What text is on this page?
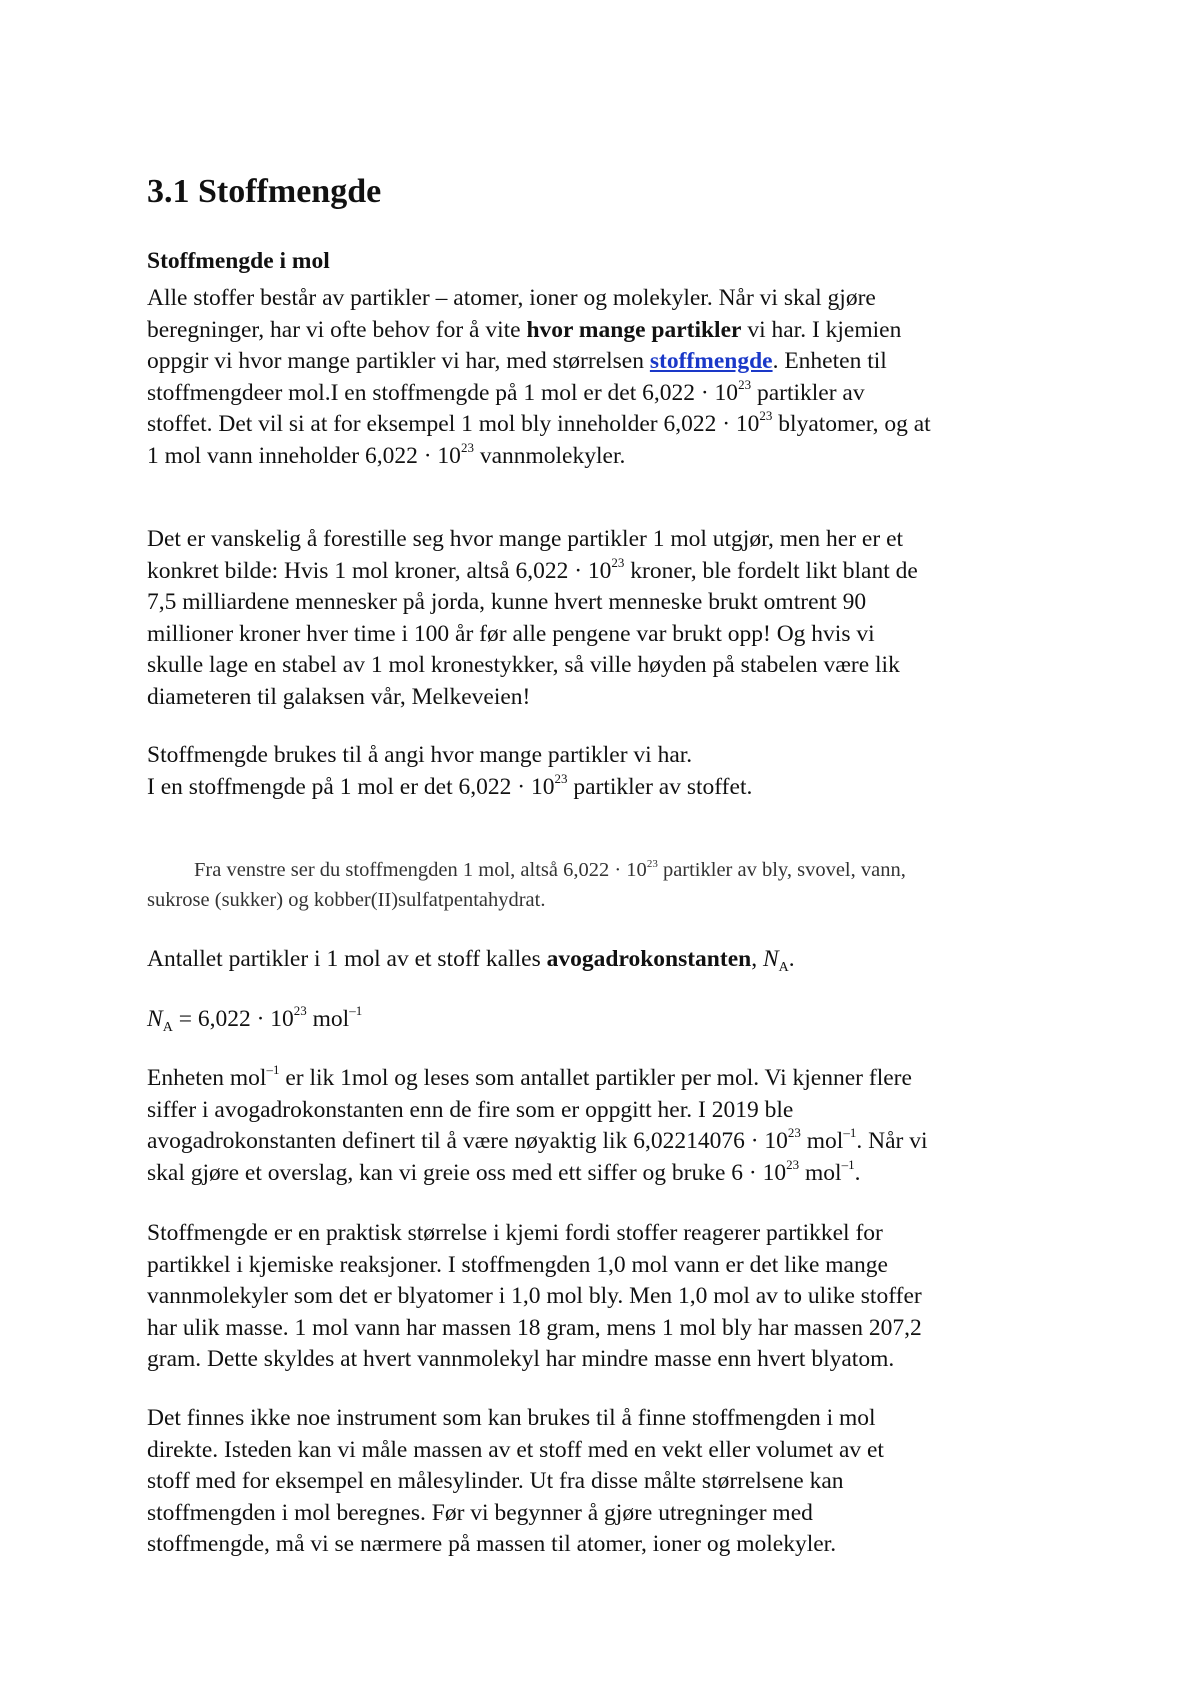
3.1 Stoffmengde
Stoffmengde i mol

Alle stoffer består av partikler – atomer, ioner og molekyler. Når vi skal gjøre
beregninger, har vi ofte behov for å vite hvor mange partikler vi har. I kjemien
oppgir vi hvor mange partikler vi har, med størrelsen stoffmengde. Enheten til
stoffmengdeer mol.I en stoffmengde på 1 mol er $\det 6,022 \cdot 10^{23}$ partikler av
stoffet. Det vil si at for eksempel 1 mol bly inneholder $6,022 \cdot 10^{23}$ blyatomer, og at
1 mol vann inneholder $6,022 \cdot 10^{23}$ vannmolekyler.

Det er vanskelig å forestille seg hvor mange partikler 1 mol utgjør, men her er et
konkret bilde: Hvis 1 mol kroner, altså $6,022 \cdot 10^{23}$ kroner, ble fordelt likt blant de
7,5 milliardene mennesker på jorda, kunne hvert menneske brukt omtrent 90
millioner kroner hver time i 100 år før alle pengene var brukt opp! Og hvis vi
skulle lage en stabel av 1 mol kronestykker, så ville høyden på stabelen være lik
diameteren til galaksen vår, Melkeveien!

Stoffmengde brukes til å angi hvor mange partikler vi har.
I en stoffmengde på 1 mol er $\det 6,022 \cdot 10^{23}$ partikler av stoffet.

Fra venstre ser du stoffmengden 1 mol, altså $6,022 \cdot 10^{23}$ partikler av bly, svovel, vann,
sukrose (sukker) og kobber(II)sulfatpentahydrat.

Antallet partikler i 1 mol av et stoff kalles avogadrokonstanten, $N_A$.

$N_A = 6,022 \cdot 10^{23}$ mol$^{-1}$

Enheten mol$^{-1}$ er lik 1mol og leses som antallet partikler per mol. Vi kjenner flere
siffer i avogadrokonstanten enn de fire som er oppgitt her. I 2019 ble
avogadrokonstanten definert til å være nøyaktig lik $6,02214076 \cdot 10^{23}$ mol$^{-1}$. Når vi
skal gjøre et overslag, kan vi greie oss med ett siffer og bruke $6 \cdot 10^{23}$ mol$^{-1}$.

Stoffmengde er en praktisk størrelse i kjemi fordi stoffer reagerer partikkel for
partikkel i kjemiske reaksjoner. I stoffmengden 1,0 mol vann er det like mange
vannmolekyler som det er blyatomer i 1,0 mol bly. Men 1,0 mol av to ulike stoffer
har ulik masse. 1 mol vann har massen 18 gram, mens 1 mol bly har massen 207,2
gram. Dette skyldes at hvert vannmolekyl har mindre masse enn hvert blyatom.

Det finnes ikke noe instrument som kan brukes til å finne stoffmengden i mol
direkte. Isteden kan vi måle massen av et stoff med en vekt eller volumet av et
stoff med for eksempel en målesylinder. Ut fra disse målte størrelsene kan
stoffmengden i mol beregnes. Før vi begynner å gjøre utregninger med
stoffmengde, må vi se nærmere på massen til atomer, ioner og molekyler.
